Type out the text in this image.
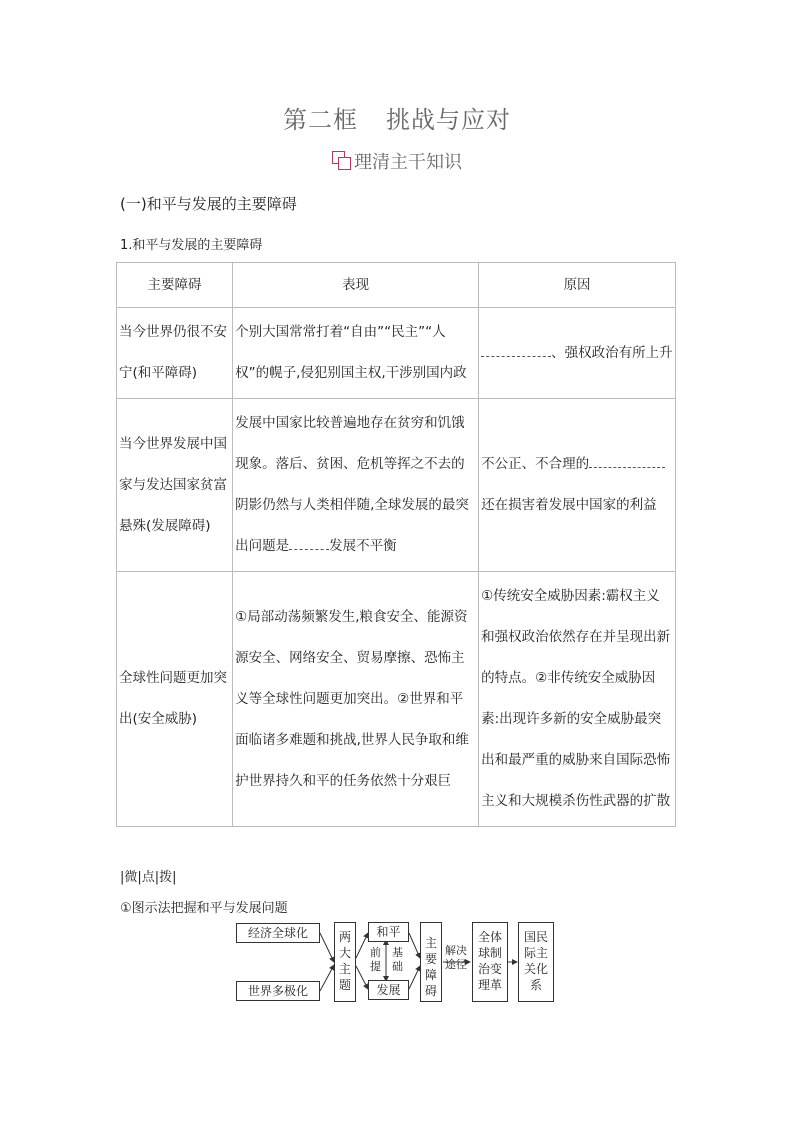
第二框 挑战与应对
理清主干知识
(一)和平与发展的主要障碍
1.和平与发展的主要障碍
主要障碍	表现	原因
当今世界仍很不安宁(和平障碍)	个别大国常常打着“自由”“民主”“人权”的幌子,侵犯别国主权,干涉别国内政	、强权政治有所上升
当今世界发展中国家与发达国家贫富悬殊(发展障碍)	发展中国家比较普遍地存在贫穷和饥饿现象。落后、贫困、危机等挥之不去的阴影仍然与人类相伴随,全球发展的最突出问题是 发展不平衡	不公正、不合理的还在损害着发展中国家的利益
全球性问题更加突出(安全威胁)	①局部动荡频繁发生,粮食安全、能源资源安全、网络安全、贸易摩擦、恐怖主义等全球性问题更加突出。②世界和平面临诸多难题和挑战,世界人民争取和维护世界持久和平的任务依然十分艰巨	①传统安全威胁因素:霸权主义和强权政治依然存在并呈现出新的特点。②非传统安全威胁因素:出现许多新的安全威胁最突出和最严重的威胁来自国际恐怖主义和大规模杀伤性武器的扩散
|微|点|拨|
①图示法把握和平与发展问题
经济全球化
世界多极化
两
大
主
题
和平
发展
前
提
基
础
主
要
障
碍
解决
途径
全体
球制
治变
理革
国民
际主
关化
系
